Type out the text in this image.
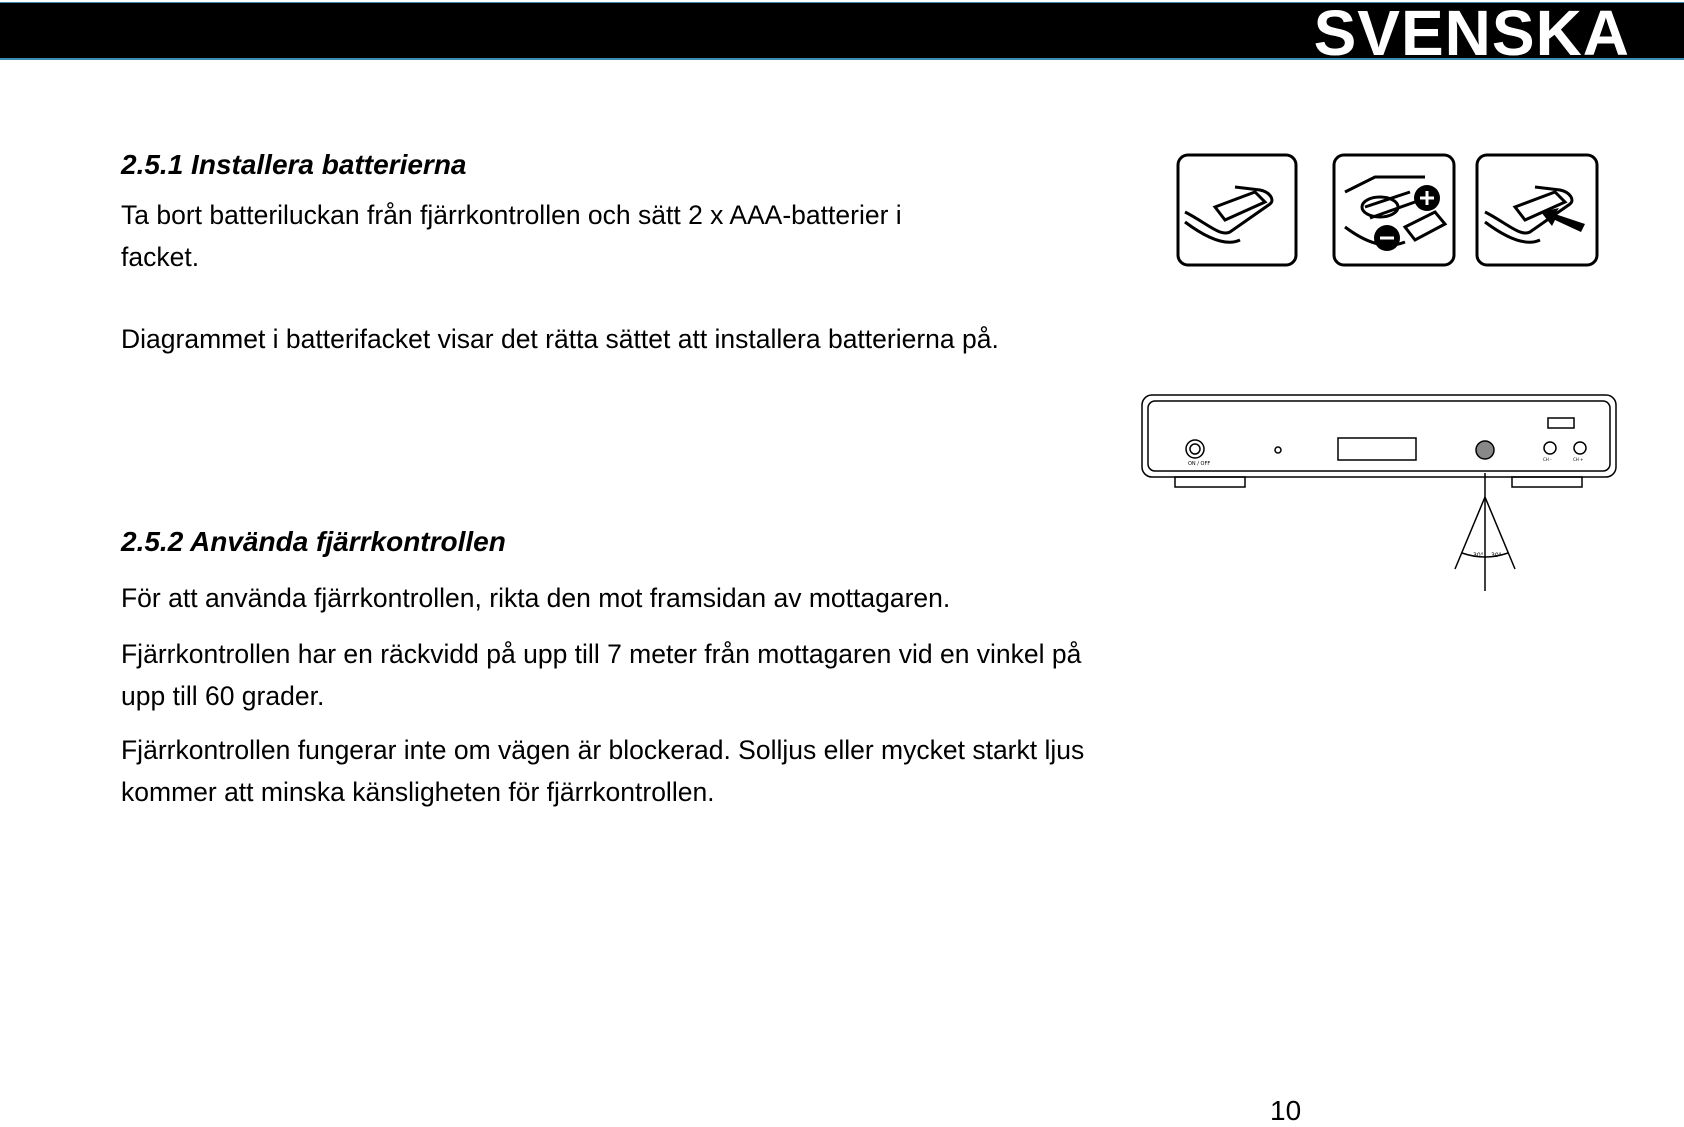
SVENSKA
2.5.1 Installera batterierna

Ta bort batteriluckan från fjärrkontrollen och sätt 2 x AAA-batterier i

facket.

Diagrammet i batterifacket visar det rätta sättet att installera batterierna på.

ON / OFF
CH -	CH +
30° 30°
2.5.2 Använda fjärrkontrollen

För att använda fjärrkontrollen, rikta den mot framsidan av mottagaren.

Fjärrkontrollen har en räckvidd på upp till 7 meter från mottagaren vid en vinkel på

upp till 60 grader.

Fjärrkontrollen fungerar inte om vägen är blockerad. Solljus eller mycket starkt ljus

kommer att minska känsligheten för fjärrkontrollen.

10
